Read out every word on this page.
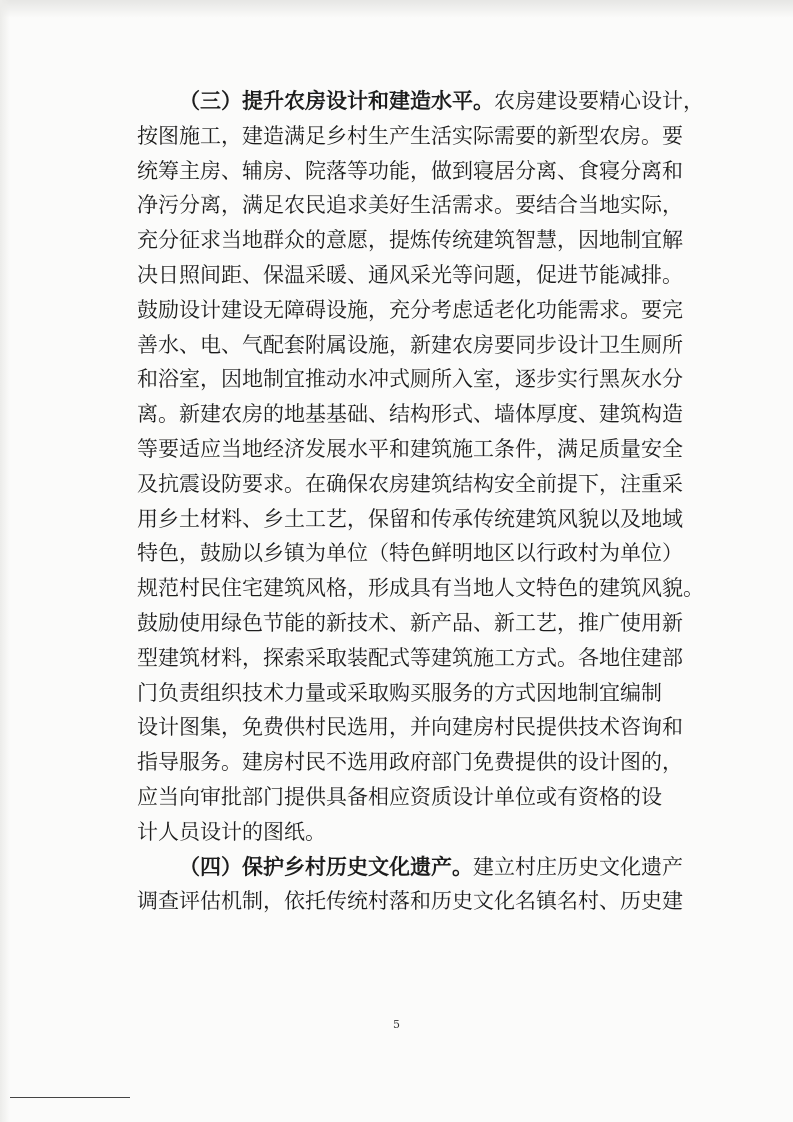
（三）提升农房设计和建造水平。农房建设要精心设计，
按图施工，建造满足乡村生产生活实际需要的新型农房。要
统筹主房、辅房、院落等功能，做到寝居分离、食寝分离和
净污分离，满足农民追求美好生活需求。要结合当地实际，
充分征求当地群众的意愿，提炼传统建筑智慧，因地制宜解
决日照间距、保温采暖、通风采光等问题，促进节能减排。
鼓励设计建设无障碍设施，充分考虑适老化功能需求。要完
善水、电、气配套附属设施，新建农房要同步设计卫生厕所
和浴室，因地制宜推动水冲式厕所入室，逐步实行黑灰水分
离。新建农房的地基基础、结构形式、墙体厚度、建筑构造
等要适应当地经济发展水平和建筑施工条件，满足质量安全
及抗震设防要求。在确保农房建筑结构安全前提下，注重采
用乡土材料、乡土工艺，保留和传承传统建筑风貌以及地域
特色，鼓励以乡镇为单位（特色鲜明地区以行政村为单位）
规范村民住宅建筑风格，形成具有当地人文特色的建筑风貌。
鼓励使用绿色节能的新技术、新产品、新工艺，推广使用新
型建筑材料，探索采取装配式等建筑施工方式。各地住建部
门负责组织技术力量或采取购买服务的方式因地制宜编制
设计图集，免费供村民选用，并向建房村民提供技术咨询和
指导服务。建房村民不选用政府部门免费提供的设计图的，
应当向审批部门提供具备相应资质设计单位或有资格的设
计人员设计的图纸。
（四）保护乡村历史文化遗产。建立村庄历史文化遗产
调查评估机制，依托传统村落和历史文化名镇名村、历史建
5
